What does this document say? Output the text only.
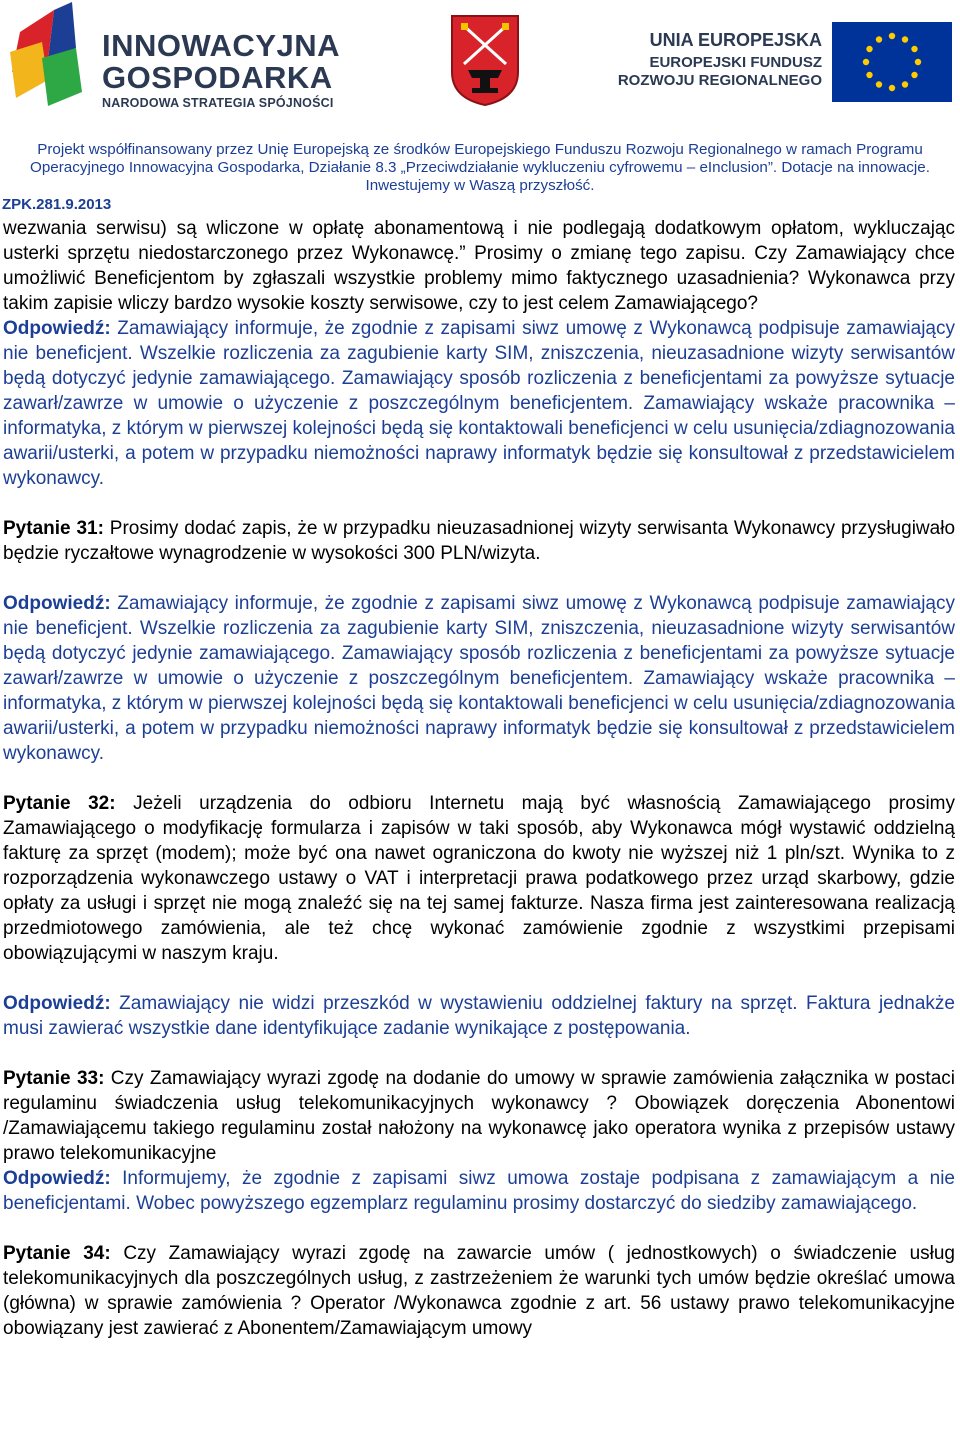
INNOWACYJNA
GOSPODARKA
NARODOWA STRATEGIA SPÓJNOŚCI
UNIA EUROPEJSKA
EUROPEJSKI FUNDUSZ
ROZWOJU REGIONALNEGO
Projekt współfinansowany przez Unię Europejską ze środków Europejskiego Funduszu Rozwoju Regionalnego w ramach Programu
Operacyjnego Innowacyjna Gospodarka, Działanie 8.3 „Przeciwdziałanie wykluczeniu cyfrowemu – eInclusion”. Dotacje na innowacje.
Inwestujemy w Waszą przyszłość.
ZPK.281.9.2013

wezwania serwisu) są wliczone w opłatę abonamentową i nie podlegają dodatkowym opłatom, wykluczając usterki sprzętu niedostarczonego przez Wykonawcę.” Prosimy o zmianę tego zapisu. Czy Zamawiający chce umożliwić Beneficjentom by zgłaszali wszystkie problemy mimo faktycznego uzasadnienia? Wykonawca przy takim zapisie wliczy bardzo wysokie koszty serwisowe, czy to jest celem Zamawiającego?

Odpowiedź: Zamawiający informuje, że zgodnie z zapisami siwz umowę z Wykonawcą podpisuje zamawiający nie beneficjent. Wszelkie rozliczenia za zagubienie karty SIM, zniszczenia, nieuzasadnione wizyty serwisantów będą dotyczyć jedynie zamawiającego. Zamawiający sposób rozliczenia z beneficjentami za powyższe sytuacje zawarł/zawrze w umowie o użyczenie z poszczególnym beneficjentem. Zamawiający wskaże pracownika – informatyka, z którym w pierwszej kolejności będą się kontaktowali beneficjenci w celu usunięcia/zdiagnozowania awarii/usterki, a potem w przypadku niemożności naprawy informatyk będzie się konsultował z przedstawicielem wykonawcy.

Pytanie 31: Prosimy dodać zapis, że w przypadku nieuzasadnionej wizyty serwisanta Wykonawcy przysługiwało będzie ryczałtowe wynagrodzenie w wysokości 300 PLN/wizyta.

Odpowiedź: Zamawiający informuje, że zgodnie z zapisami siwz umowę z Wykonawcą podpisuje zamawiający nie beneficjent. Wszelkie rozliczenia za zagubienie karty SIM, zniszczenia, nieuzasadnione wizyty serwisantów będą dotyczyć jedynie zamawiającego. Zamawiający sposób rozliczenia z beneficjentami za powyższe sytuacje zawarł/zawrze w umowie o użyczenie z poszczególnym beneficjentem. Zamawiający wskaże pracownika – informatyka, z którym w pierwszej kolejności będą się kontaktowali beneficjenci w celu usunięcia/zdiagnozowania awarii/usterki, a potem w przypadku niemożności naprawy informatyk będzie się konsultował z przedstawicielem wykonawcy.

Pytanie 32: Jeżeli urządzenia do odbioru Internetu mają być własnością Zamawiającego prosimy Zamawiającego o modyfikację formularza i zapisów w taki sposób, aby Wykonawca mógł wystawić oddzielną fakturę za sprzęt (modem); może być ona nawet ograniczona do kwoty nie wyższej niż 1 pln/szt. Wynika to z rozporządzenia wykonawczego ustawy o VAT i interpretacji prawa podatkowego przez urząd skarbowy, gdzie opłaty za usługi i sprzęt nie mogą znaleźć się na tej samej fakturze. Nasza firma jest zainteresowana realizacją przedmiotowego zamówienia, ale też chcę wykonać zamówienie zgodnie z wszystkimi przepisami obowiązującymi w naszym kraju.

Odpowiedź: Zamawiający nie widzi przeszkód w wystawieniu oddzielnej faktury na sprzęt. Faktura jednakże musi zawierać wszystkie dane identyfikujące zadanie wynikające z postępowania.

Pytanie 33: Czy Zamawiający wyrazi zgodę na dodanie do umowy w sprawie zamówienia załącznika w postaci regulaminu świadczenia usług telekomunikacyjnych wykonawcy ? Obowiązek doręczenia Abonentowi /Zamawiającemu takiego regulaminu został nałożony na wykonawcę jako operatora wynika z przepisów ustawy prawo telekomunikacyjne

Odpowiedź: Informujemy, że zgodnie z zapisami siwz umowa zostaje podpisana z zamawiającym a nie beneficjentami. Wobec powyższego egzemplarz regulaminu prosimy dostarczyć do siedziby zamawiającego.

Pytanie 34: Czy Zamawiający wyrazi zgodę na zawarcie umów ( jednostkowych) o świadczenie usług telekomunikacyjnych dla poszczególnych usług, z zastrzeżeniem że warunki tych umów będzie określać umowa (główna) w sprawie zamówienia ? Operator /Wykonawca zgodnie z art. 56 ustawy prawo telekomunikacyjne obowiązany jest zawierać z Abonentem/Zamawiającym umowy
